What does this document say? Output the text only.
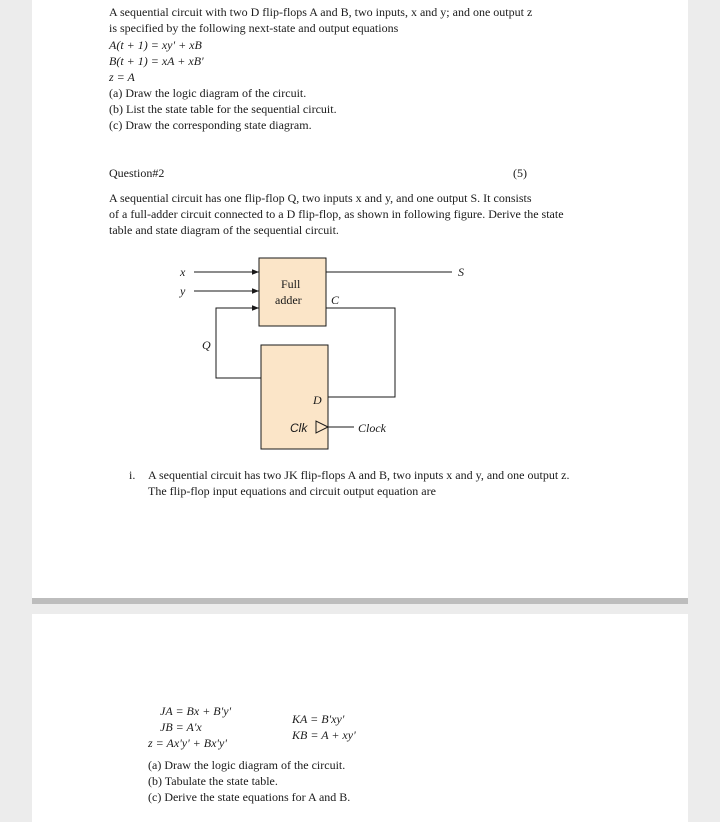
A sequential circuit with two D flip-flops A and B, two inputs, x and y; and one output z
is specified by the following next-state and output equations
A(t + 1) = xy' + xB
B(t + 1) = xA + xB'
z = A
(a) Draw the logic diagram of the circuit.
(b) List the state table for the sequential circuit.
(c) Draw the corresponding state diagram.
Question#2	(5)
A sequential circuit has one flip-flop Q, two inputs x and y, and one output S. It consists
of a full-adder circuit connected to a D flip-flop, as shown in following figure. Derive the state
table and state diagram of the sequential circuit.
x
y
S
Full
adder C
Q
D
Clk	Clock
i. A sequential circuit has two JK flip-flops A and B, two inputs x and y, and one output z.
The flip-flop input equations and circuit output equation are
JA = Bx + B'y'
JB = A'x
z = Ax'y' + Bx'y'
KA = B'xy'
KB = A + xy'
(a) Draw the logic diagram of the circuit.
(b) Tabulate the state table.
(c) Derive the state equations for A and B.
